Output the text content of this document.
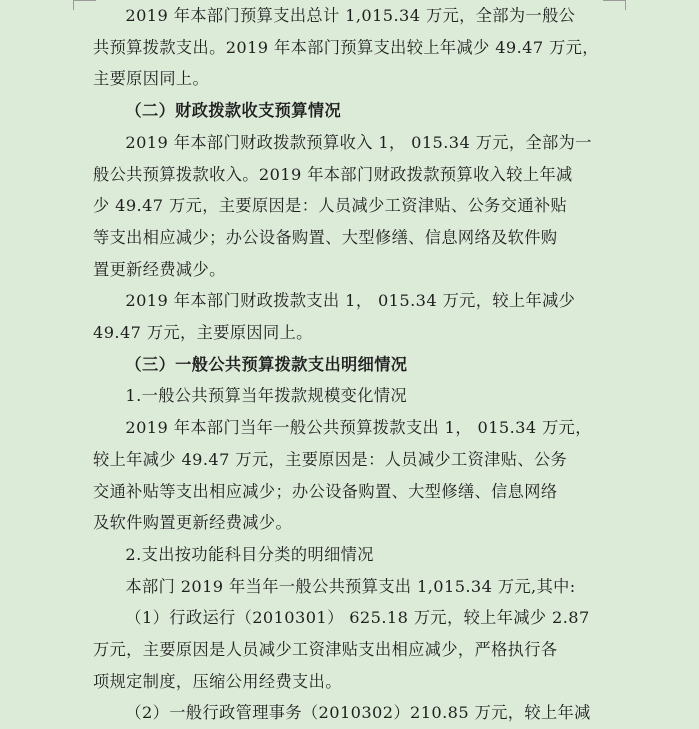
2019 年本部门预算支出总计 1,015.34 万元，全部为一般公
共预算拨款支出。2019 年本部门预算支出较上年减少 49.47 万元，
主要原因同上。
（二）财政拨款收支预算情况
2019 年本部门财政拨款预算收入 1， 015.34 万元，全部为一
般公共预算拨款收入。2019 年本部门财政拨款预算收入较上年减
少 49.47 万元，主要原因是：人员减少工资津贴、公务交通补贴
等支出相应减少；办公设备购置、大型修缮、信息网络及软件购
置更新经费减少。
2019 年本部门财政拨款支出 1， 015.34 万元，较上年减少
49.47 万元，主要原因同上。
（三）一般公共预算拨款支出明细情况
1.一般公共预算当年拨款规模变化情况
2019 年本部门当年一般公共预算拨款支出 1， 015.34 万元，
较上年减少 49.47 万元，主要原因是：人员减少工资津贴、公务
交通补贴等支出相应减少；办公设备购置、大型修缮、信息网络
及软件购置更新经费减少。
2.支出按功能科目分类的明细情况
本部门 2019 年当年一般公共预算支出 1,015.34 万元,其中:
（1）行政运行（2010301） 625.18 万元，较上年减少 2.87
万元，主要原因是人员减少工资津贴支出相应减少，严格执行各
项规定制度，压缩公用经费支出。
（2）一般行政管理事务（2010302）210.85 万元，较上年减
